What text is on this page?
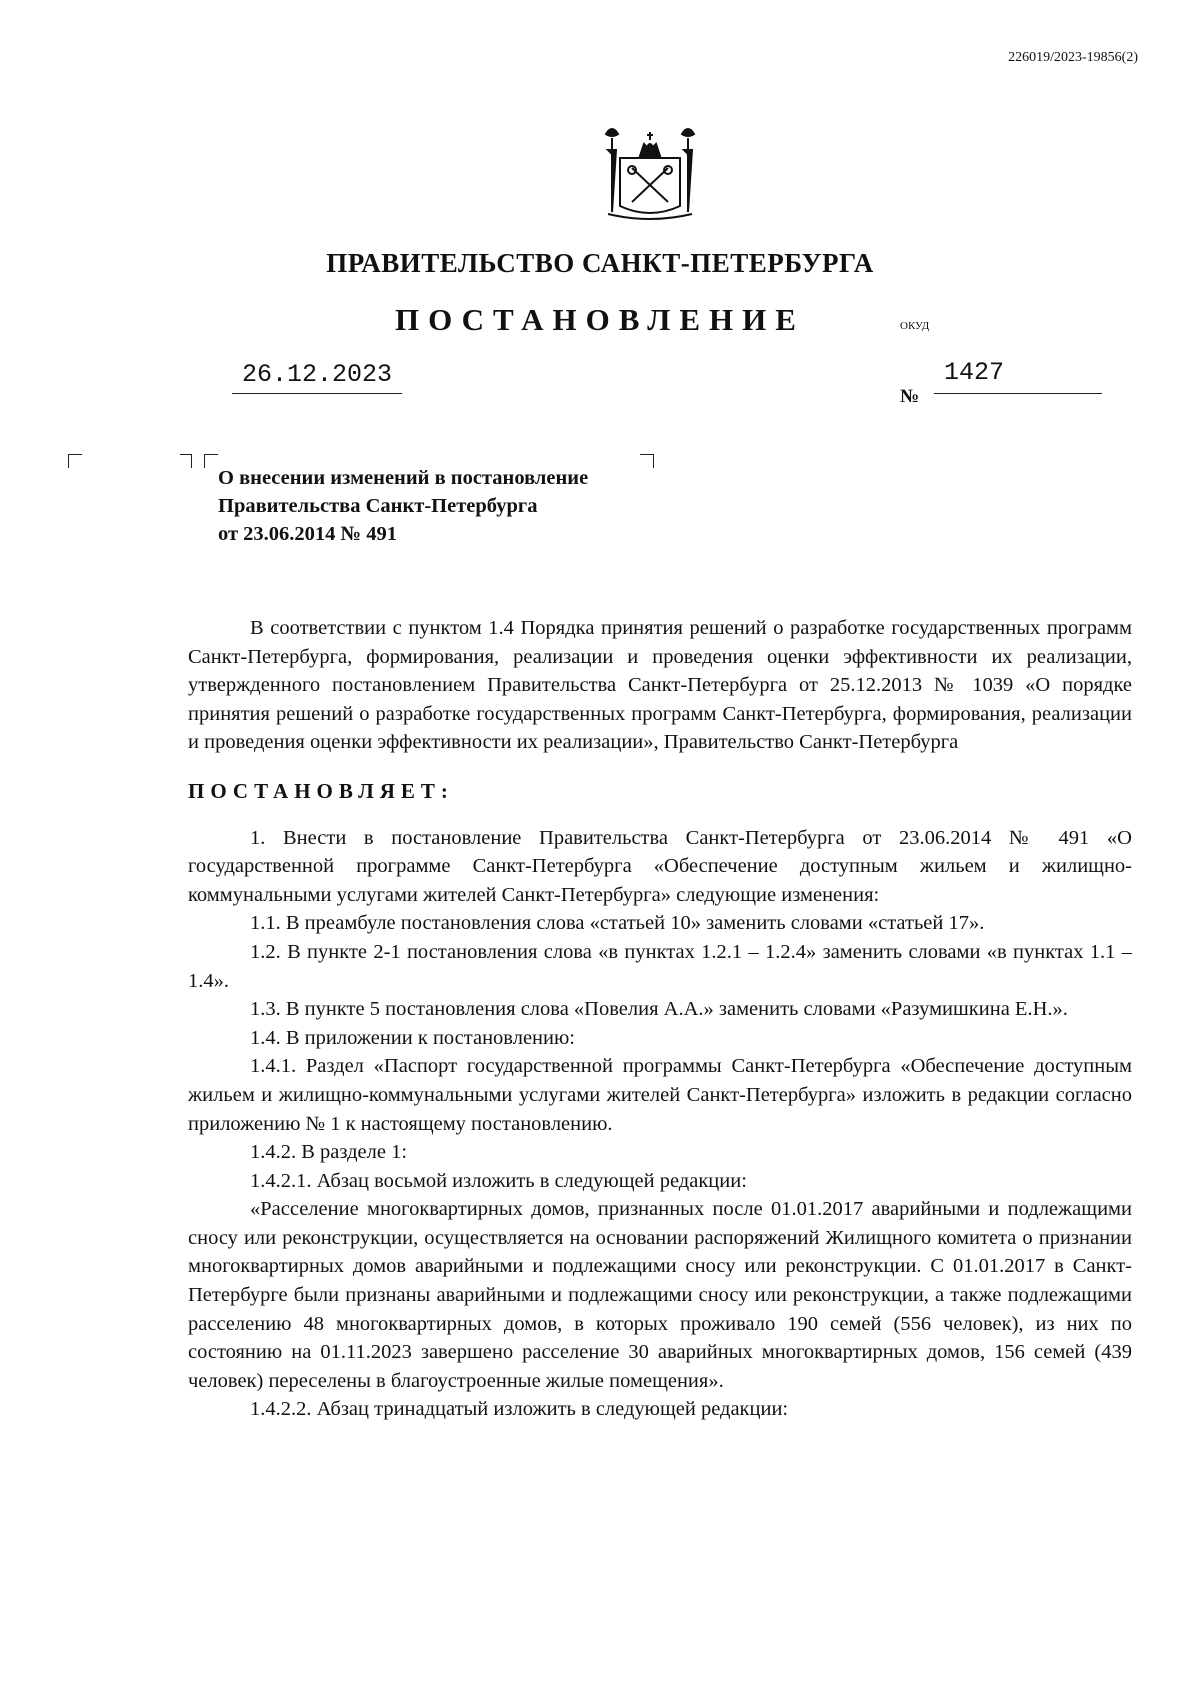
226019/2023-19856(2)
ПРАВИТЕЛЬСТВО САНКТ-ПЕТЕРБУРГА
ПОСТАНОВЛЕНИЕ	ОКУД
26.12.2023
№
1427
О внесении изменений в постановление
Правительства Санкт-Петербурга
от 23.06.2014 № 491

В соответствии с пунктом 1.4 Порядка принятия решений о разработке государственных программ Санкт-Петербурга, формирования, реализации и проведения оценки эффективности их реализации, утвержденного постановлением Правительства Санкт-Петербурга от 25.12.2013 № 1039 «О порядке принятия решений о разработке государственных программ Санкт-Петербурга, формирования, реализации и проведения оценки эффективности их реализации», Правительство Санкт-Петербурга

ПОСТАНОВЛЯЕТ:

1. Внести в постановление Правительства Санкт-Петербурга от 23.06.2014 № 491 «О государственной программе Санкт-Петербурга «Обеспечение доступным жильем и жилищно-коммунальными услугами жителей Санкт-Петербурга» следующие изменения:

1.1. В преамбуле постановления слова «статьей 10» заменить словами «статьей 17».

1.2. В пункте 2-1 постановления слова «в пунктах 1.2.1 – 1.2.4» заменить словами «в пунктах 1.1 – 1.4».

1.3. В пункте 5 постановления слова «Повелия А.А.» заменить словами «Разумишкина Е.Н.».

1.4. В приложении к постановлению:

1.4.1. Раздел «Паспорт государственной программы Санкт-Петербурга «Обеспечение доступным жильем и жилищно-коммунальными услугами жителей Санкт-Петербурга» изложить в редакции согласно приложению № 1 к настоящему постановлению.

1.4.2. В разделе 1:

1.4.2.1. Абзац восьмой изложить в следующей редакции:

«Расселение многоквартирных домов, признанных после 01.01.2017 аварийными и подлежащими сносу или реконструкции, осуществляется на основании распоряжений Жилищного комитета о признании многоквартирных домов аварийными и подлежащими сносу или реконструкции. С 01.01.2017 в Санкт-Петербурге были признаны аварийными и подлежащими сносу или реконструкции, а также подлежащими расселению 48 многоквартирных домов, в которых проживало 190 семей (556 человек), из них по состоянию на 01.11.2023 завершено расселение 30 аварийных многоквартирных домов, 156 семей (439 человек) переселены в благоустроенные жилые помещения».

1.4.2.2. Абзац тринадцатый изложить в следующей редакции:
